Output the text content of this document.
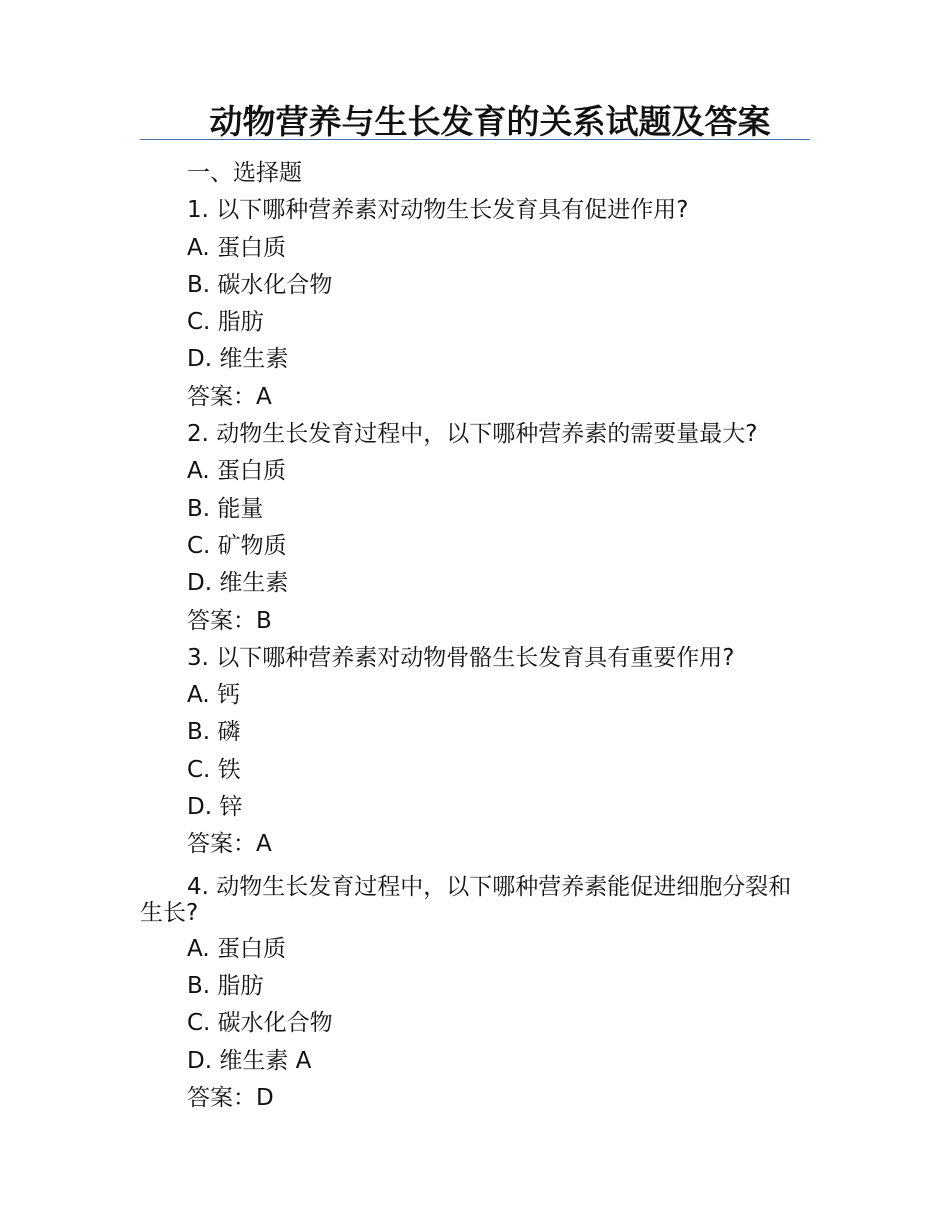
动物营养与生长发育的关系试题及答案
一、选择题
1. 以下哪种营养素对动物生长发育具有促进作用?
A. 蛋白质
B. 碳水化合物
C. 脂肪
D. 维生素
答案：A
2. 动物生长发育过程中，以下哪种营养素的需要量最大?
A. 蛋白质
B. 能量
C. 矿物质
D. 维生素
答案：B
3. 以下哪种营养素对动物骨骼生长发育具有重要作用?
A. 钙
B. 磷
C. 铁
D. 锌
答案：A
4. 动物生长发育过程中，以下哪种营养素能促进细胞分裂和生长?
A. 蛋白质
B. 脂肪
C. 碳水化合物
D. 维生素 A
答案：D
